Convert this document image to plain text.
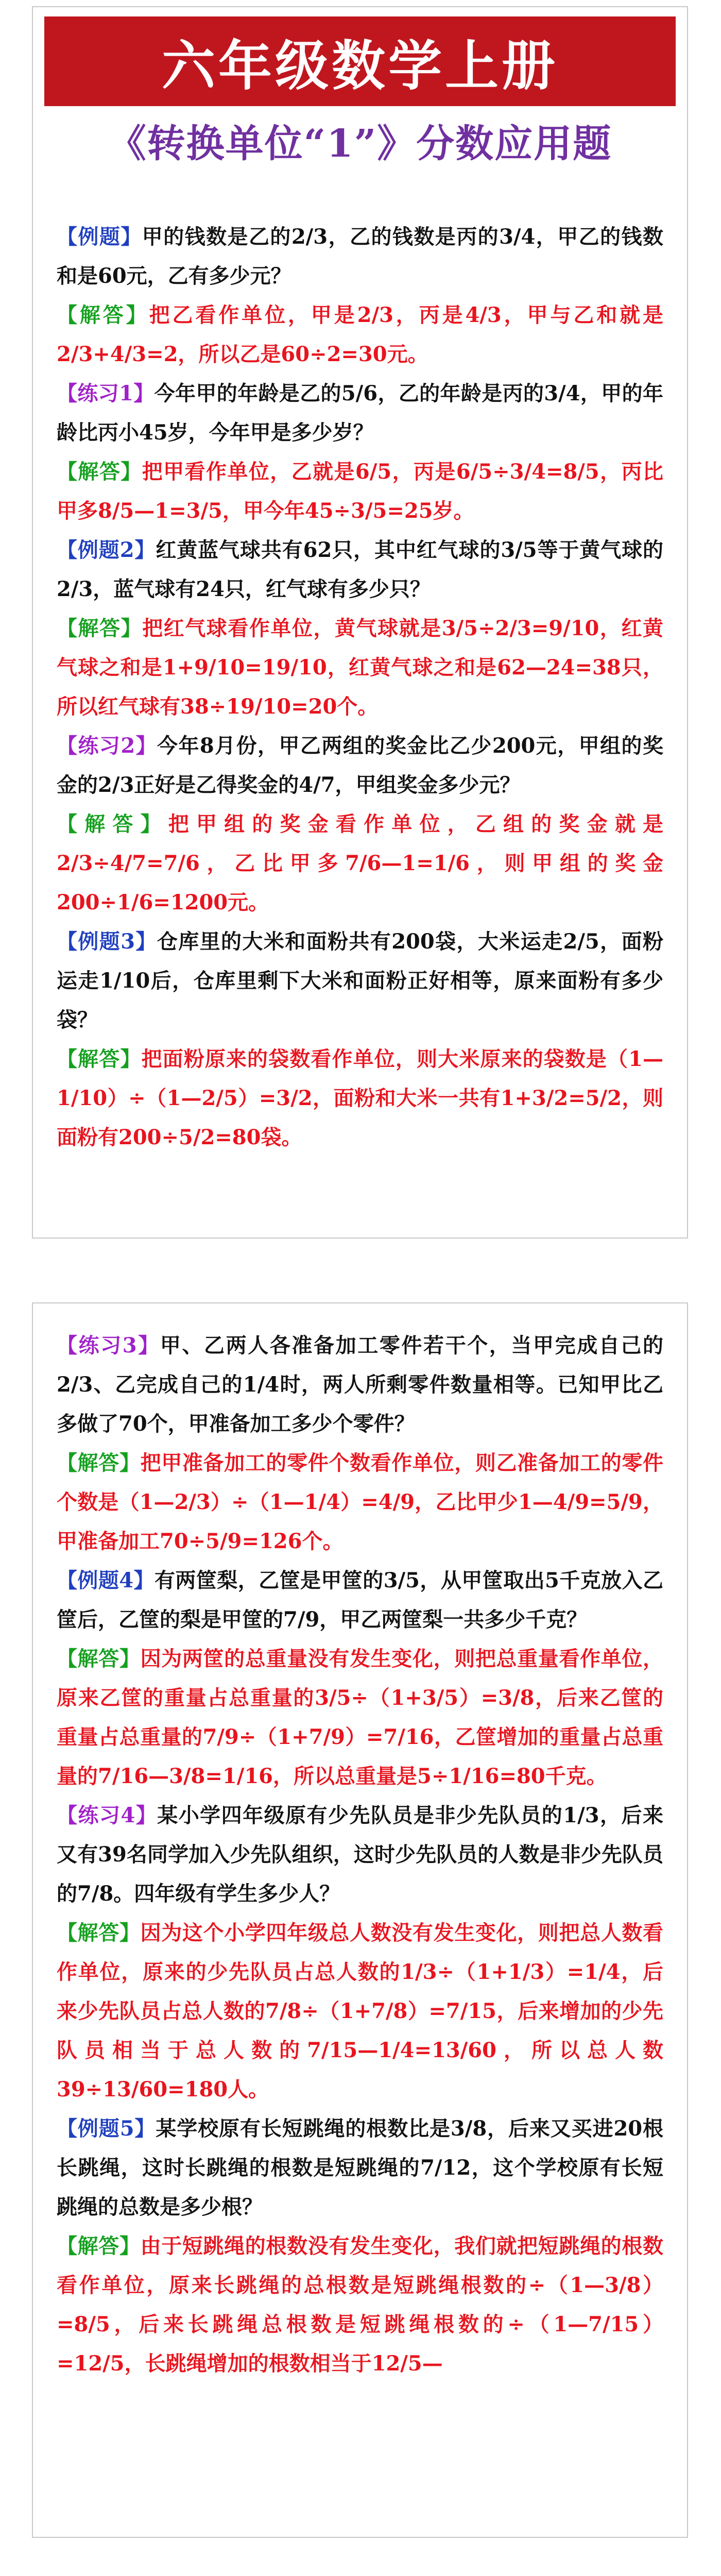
六年级数学上册
《转换单位“1”》分数应用题

【例题】甲的钱数是乙的2/3，乙的钱数是丙的3/4，甲乙的钱数和是60元，乙有多少元？

【解答】把乙看作单位，甲是2/3，丙是4/3，甲与乙和就是2/3+4/3=2，所以乙是60÷2=30元。

【练习1】今年甲的年龄是乙的5/6，乙的年龄是丙的3/4，甲的年龄比丙小45岁，今年甲是多少岁？

【解答】把甲看作单位，乙就是6/5，丙是6/5÷3/4=8/5，丙比甲多8/5—1=3/5，甲今年45÷3/5=25岁。

【例题2】红黄蓝气球共有62只，其中红气球的3/5等于黄气球的2/3，蓝气球有24只，红气球有多少只？

【解答】把红气球看作单位，黄气球就是3/5÷2/3=9/10，红黄气球之和是1+9/10=19/10，红黄气球之和是62—24=38只，所以红气球有38÷19/10=20个。

【练习2】今年8月份，甲乙两组的奖金比乙少200元，甲组的奖金的2/3正好是乙得奖金的4/7，甲组奖金多少元？

【解答】把甲组的奖金看作单位，乙组的奖金就是2/3÷4/7=7/6，乙比甲多7/6—1=1/6，则甲组的奖金200÷1/6=1200元。

【例题3】仓库里的大米和面粉共有200袋，大米运走2/5，面粉运走1/10后，仓库里剩下大米和面粉正好相等，原来面粉有多少袋？

【解答】把面粉原来的袋数看作单位，则大米原来的袋数是（1—1/10）÷（1—2/5）=3/2，面粉和大米一共有1+3/2=5/2，则面粉有200÷5/2=80袋。

【练习3】甲、乙两人各准备加工零件若干个，当甲完成自己的2/3、乙完成自己的1/4时，两人所剩零件数量相等。已知甲比乙多做了70个，甲准备加工多少个零件？

【解答】把甲准备加工的零件个数看作单位，则乙准备加工的零件个数是（1—2/3）÷（1—1/4）=4/9，乙比甲少1—4/9=5/9，甲准备加工70÷5/9=126个。

【例题4】有两筐梨，乙筐是甲筐的3/5，从甲筐取出5千克放入乙筐后，乙筐的梨是甲筐的7/9，甲乙两筐梨一共多少千克？

【解答】因为两筐的总重量没有发生变化，则把总重量看作单位，原来乙筐的重量占总重量的3/5÷（1+3/5）=3/8，后来乙筐的重量占总重量的7/9÷（1+7/9）=7/16，乙筐增加的重量占总重量的7/16—3/8=1/16，所以总重量是5÷1/16=80千克。

【练习4】某小学四年级原有少先队员是非少先队员的1/3，后来又有39名同学加入少先队组织，这时少先队员的人数是非少先队员的7/8。四年级有学生多少人？

【解答】因为这个小学四年级总人数没有发生变化，则把总人数看作单位，原来的少先队员占总人数的1/3÷（1+1/3）=1/4，后来少先队员占总人数的7/8÷（1+7/8）=7/15，后来增加的少先队员相当于总人数的7/15—1/4=13/60，所以总人数39÷13/60=180人。

【例题5】某学校原有长短跳绳的根数比是3/8，后来又买进20根长跳绳，这时长跳绳的根数是短跳绳的7/12，这个学校原有长短跳绳的总数是多少根？

【解答】由于短跳绳的根数没有发生变化，我们就把短跳绳的根数看作单位，原来长跳绳的总根数是短跳绳根数的÷（1—3/8）=8/5，后来长跳绳总根数是短跳绳根数的÷（1—7/15）=12/5，长跳绳增加的根数相当于12/5—
